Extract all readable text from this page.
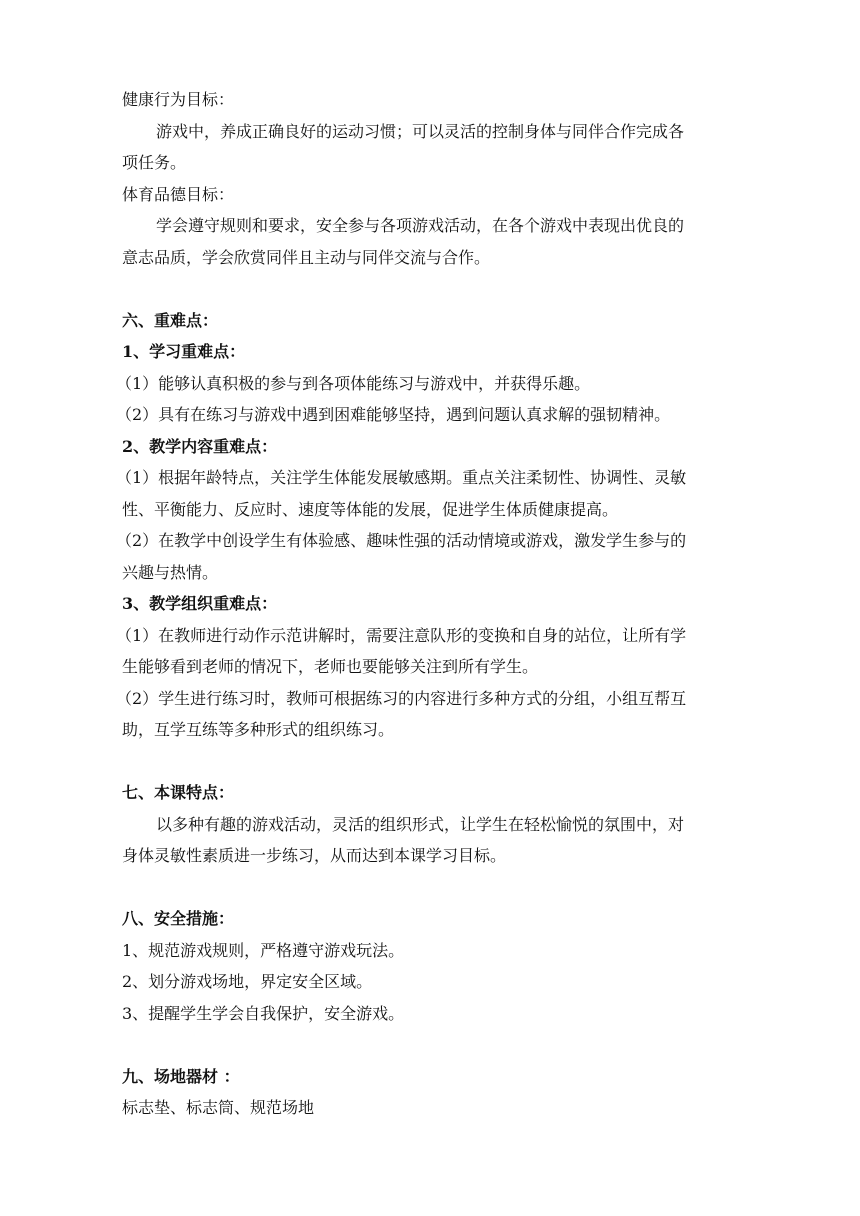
健康行为目标：
游戏中，养成正确良好的运动习惯；可以灵活的控制身体与同伴合作完成各
项任务。
体育品德目标：
学会遵守规则和要求，安全参与各项游戏活动，在各个游戏中表现出优良的
意志品质，学会欣赏同伴且主动与同伴交流与合作。
六、重难点：
1、学习重难点：
（1）能够认真积极的参与到各项体能练习与游戏中，并获得乐趣。
（2）具有在练习与游戏中遇到困难能够坚持，遇到问题认真求解的强韧精神。
2、教学内容重难点：
（1）根据年龄特点，关注学生体能发展敏感期。重点关注柔韧性、协调性、灵敏
性、平衡能力、反应时、速度等体能的发展，促进学生体质健康提高。
（2）在教学中创设学生有体验感、趣味性强的活动情境或游戏，激发学生参与的
兴趣与热情。
3、教学组织重难点：
（1）在教师进行动作示范讲解时，需要注意队形的变换和自身的站位，让所有学
生能够看到老师的情况下，老师也要能够关注到所有学生。
（2）学生进行练习时，教师可根据练习的内容进行多种方式的分组，小组互帮互
助，互学互练等多种形式的组织练习。
七、本课特点：
以多种有趣的游戏活动，灵活的组织形式，让学生在轻松愉悦的氛围中，对
身体灵敏性素质进一步练习，从而达到本课学习目标。
八、安全措施：
1、规范游戏规则，严格遵守游戏玩法。
2、划分游戏场地，界定安全区域。
3、提醒学生学会自我保护，安全游戏。
九、场地器材 ：
标志垫、标志筒、规范场地
